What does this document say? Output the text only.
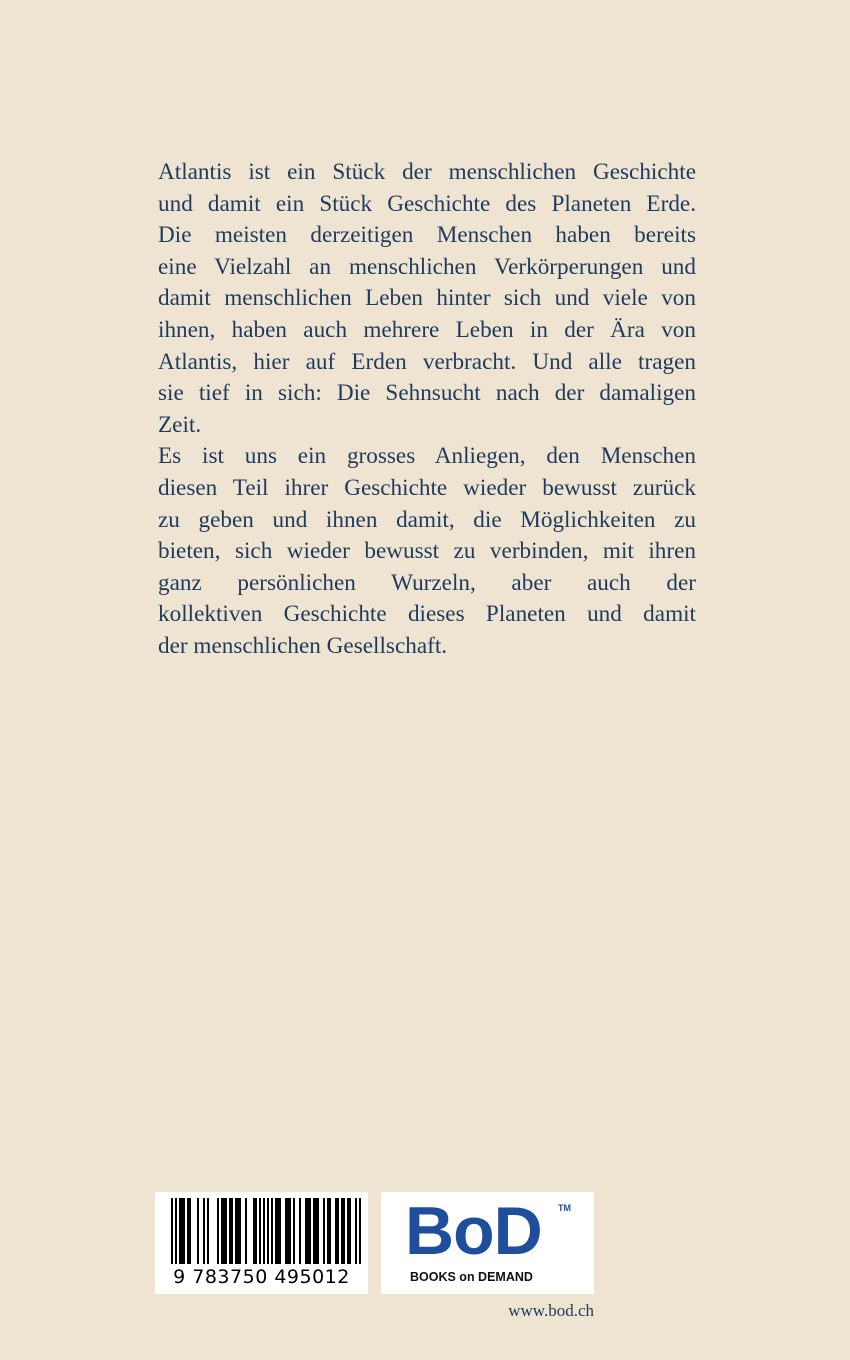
Atlantis ist ein Stück der menschlichen Geschichte
und damit ein Stück Geschichte des Planeten Erde.
Die meisten derzeitigen Menschen haben bereits
eine Vielzahl an menschlichen Verkörperungen und
damit menschlichen Leben hinter sich und viele von
ihnen, haben auch mehrere Leben in der Ära von
Atlantis, hier auf Erden verbracht. Und alle tragen
sie tief in sich: Die Sehnsucht nach der damaligen
Zeit.
Es ist uns ein grosses Anliegen, den Menschen
diesen Teil ihrer Geschichte wieder bewusst zurück
zu geben und ihnen damit, die Möglichkeiten zu
bieten, sich wieder bewusst zu verbinden, mit ihren
ganz persönlichen Wurzeln, aber auch der
kollektiven Geschichte dieses Planeten und damit
der menschlichen Gesellschaft.

9 783750 495012
BoD TM
BOOKS on DEMAND
www.bod.ch
